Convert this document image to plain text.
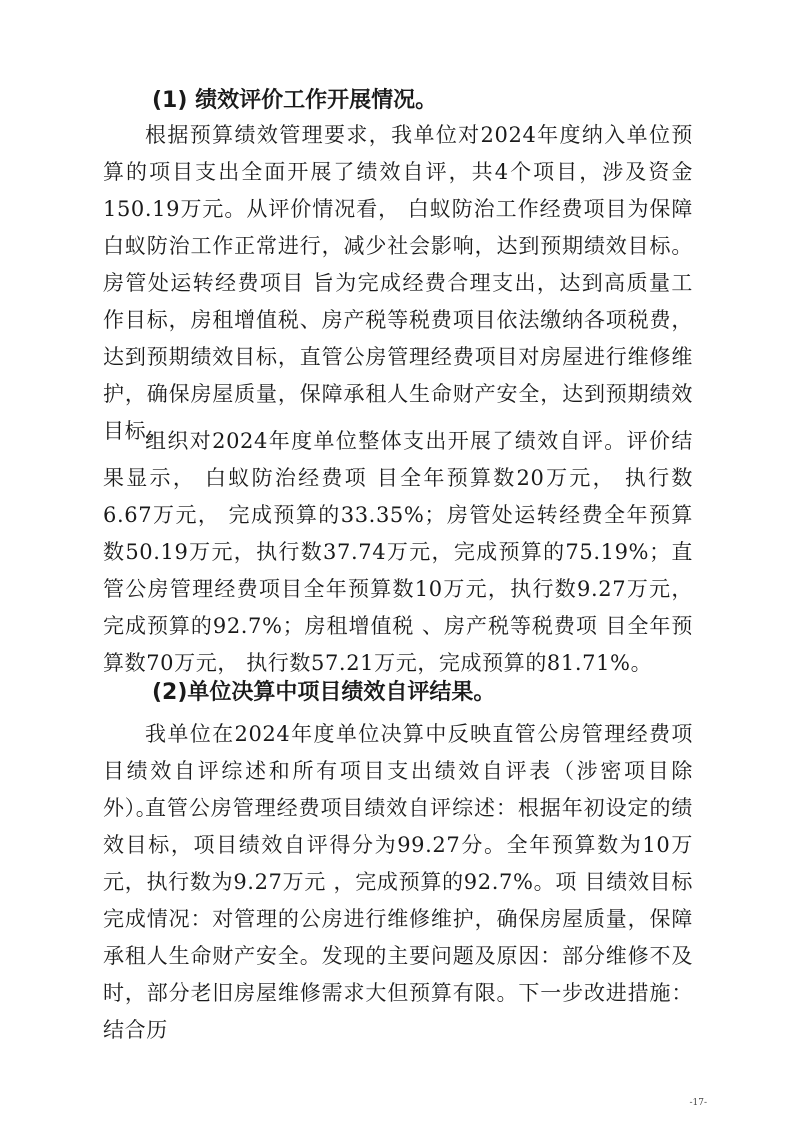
(1) 绩效评价工作开展情况。

根据预算绩效管理要求，我单位对2024年度纳入单位预算的项目支出全面开展了绩效自评，共4个项目，涉及资金150.19万元。从评价情况看， 白蚁防治工作经费项目为保障白蚁防治工作正常进行，减少社会影响，达到预期绩效目标。房管处运转经费项目 旨为完成经费合理支出，达到高质量工作目标，房租增值税、房产税等税费项目依法缴纳各项税费，达到预期绩效目标，直管公房管理经费项目对房屋进行维修维护，确保房屋质量，保障承租人生命财产安全，达到预期绩效目标。

组织对2024年度单位整体支出开展了绩效自评。评价结果显示， 白蚁防治经费项 目全年预算数20万元， 执行数6.67万元， 完成预算的33.35%；房管处运转经费全年预算数50.19万元，执行数37.74万元，完成预算的75.19%；直管公房管理经费项目全年预算数10万元，执行数9.27万元，完成预算的92.7%；房租增值税 、房产税等税费项 目全年预算数70万元， 执行数57.21万元，完成预算的81.71%。

(2)单位决算中项目绩效自评结果。

我单位在2024年度单位决算中反映直管公房管理经费项目绩效自评综述和所有项目支出绩效自评表（涉密项目除外）。

直管公房管理经费项目绩效自评综述：根据年初设定的绩效目标，项目绩效自评得分为99.27分。全年预算数为10万元，执行数为9.27万元 ，完成预算的92.7%。项 目绩效目标完成情况：对管理的公房进行维修维护，确保房屋质量，保障承租人生命财产安全。发现的主要问题及原因：部分维修不及时，部分老旧房屋维修需求大但预算有限。下一步改进措施：结合历

-17-
